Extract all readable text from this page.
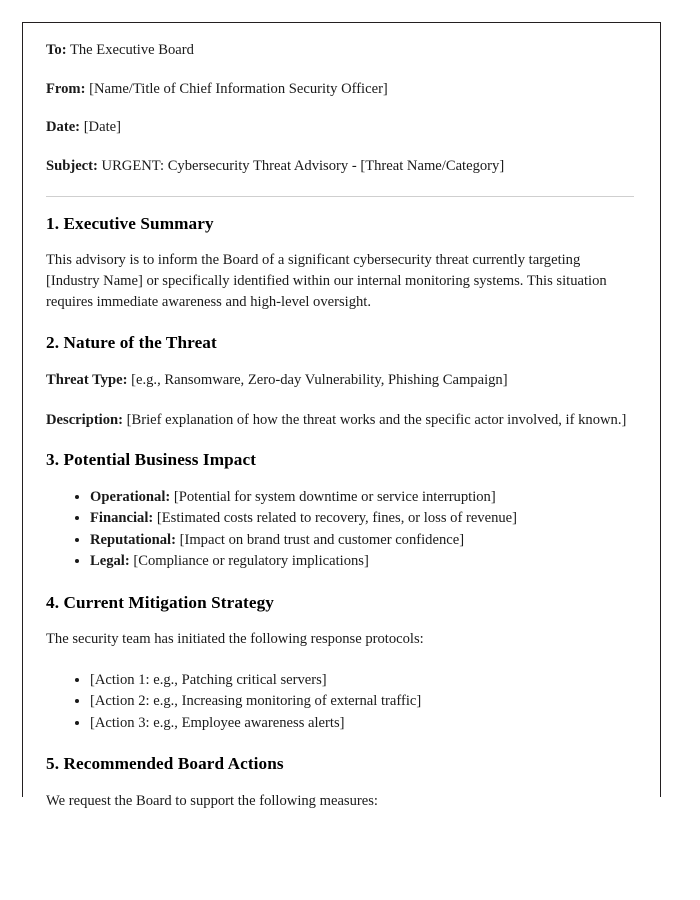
To: The Executive Board

From: [Name/Title of Chief Information Security Officer]

Date: [Date]

Subject: URGENT: Cybersecurity Threat Advisory - [Threat Name/Category]

1. Executive Summary

This advisory is to inform the Board of a significant cybersecurity threat currently targeting [Industry Name] or specifically identified within our internal monitoring systems. This situation requires immediate awareness and high-level oversight.

2. Nature of the Threat

Threat Type: [e.g., Ransomware, Zero-day Vulnerability, Phishing Campaign]

Description: [Brief explanation of how the threat works and the specific actor involved, if known.]

3. Potential Business Impact
• Operational: [Potential for system downtime or service interruption]
• Financial: [Estimated costs related to recovery, fines, or loss of revenue]
• Reputational: [Impact on brand trust and customer confidence]
• Legal: [Compliance or regulatory implications]
4. Current Mitigation Strategy

The security team has initiated the following response protocols:

• [Action 1: e.g., Patching critical servers]
• [Action 2: e.g., Increasing monitoring of external traffic]
• [Action 3: e.g., Employee awareness alerts]
5. Recommended Board Actions

We request the Board to support the following measures:
